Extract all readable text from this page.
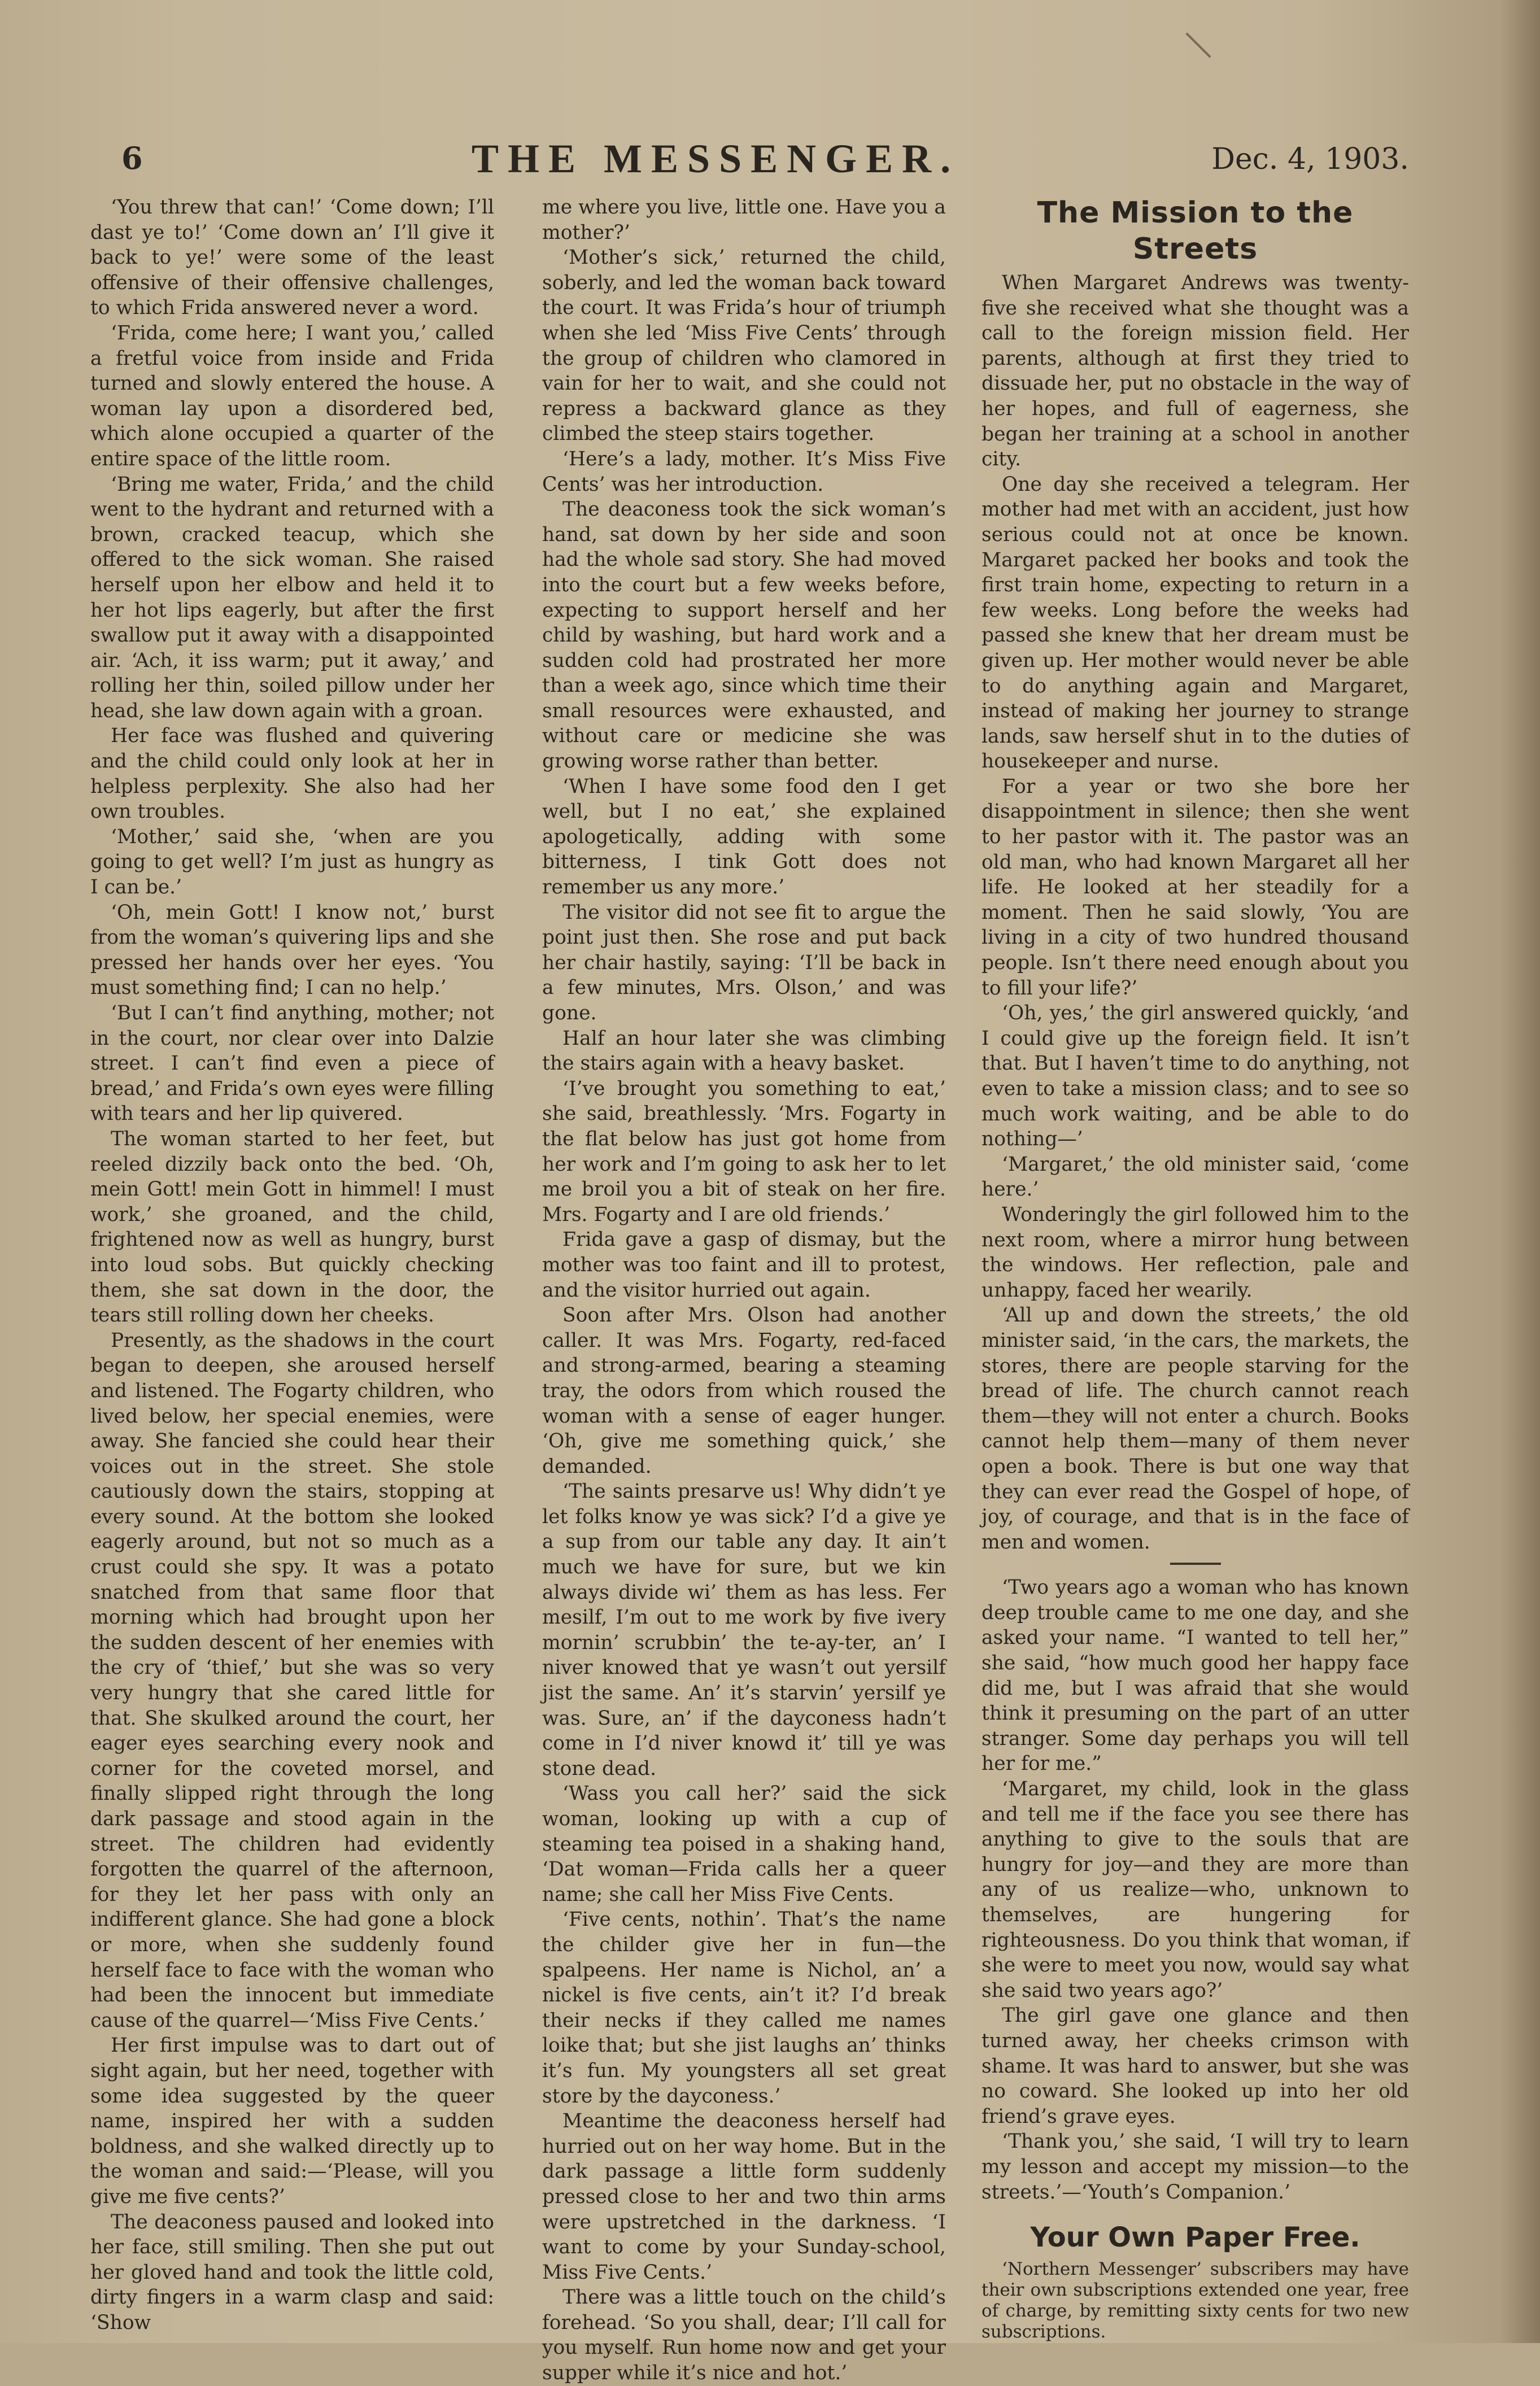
6	THE MESSENGER.	Dec. 4, 1903.

‘You threw that can!’ ‘Come down; I’ll dast ye to!’ ‘Come down an’ I’ll give it back to ye!’ were some of the least offensive of their offensive challenges, to which Frida answered never a word.

‘Frida, come here; I want you,’ called a fretful voice from inside and Frida turned and slowly entered the house. A woman lay upon a disordered bed, which alone occupied a quarter of the entire space of the little room.

‘Bring me water, Frida,’ and the child went to the hydrant and returned with a brown, cracked teacup, which she offered to the sick woman. She raised herself upon her elbow and held it to her hot lips eagerly, but after the first swallow put it away with a disappointed air. ‘Ach, it iss warm; put it away,’ and rolling her thin, soiled pillow under her head, she law down again with a groan.

Her face was flushed and quivering and the child could only look at her in helpless perplexity. She also had her own troubles.

‘Mother,’ said she, ‘when are you going to get well? I’m just as hungry as I can be.’

‘Oh, mein Gott! I know not,’ burst from the woman’s quivering lips and she pressed her hands over her eyes. ‘You must something find; I can no help.’

‘But I can’t find anything, mother; not in the court, nor clear over into Dalzie street. I can’t find even a piece of bread,’ and Frida’s own eyes were filling with tears and her lip quivered.

The woman started to her feet, but reeled dizzily back onto the bed. ‘Oh, mein Gott! mein Gott in himmel! I must work,’ she groaned, and the child, frightened now as well as hungry, burst into loud sobs. But quickly checking them, she sat down in the door, the tears still rolling down her cheeks.

Presently, as the shadows in the court began to deepen, she aroused herself and listened. The Fogarty children, who lived below, her special enemies, were away. She fancied she could hear their voices out in the street. She stole cautiously down the stairs, stopping at every sound. At the bottom she looked eagerly around, but not so much as a crust could she spy. It was a potato snatched from that same floor that morning which had brought upon her the sudden descent of her enemies with the cry of ‘thief,’ but she was so very very hungry that she cared little for that. She skulked around the court, her eager eyes searching every nook and corner for the coveted morsel, and finally slipped right through the long dark passage and stood again in the street. The children had evidently forgotten the quarrel of the afternoon, for they let her pass with only an indifferent glance. She had gone a block or more, when she suddenly found herself face to face with the woman who had been the innocent but immediate cause of the quarrel—‘Miss Five Cents.’

Her first impulse was to dart out of sight again, but her need, together with some idea suggested by the queer name, inspired her with a sudden boldness, and she walked directly up to the woman and said:—‘Please, will you give me five cents?’

The deaconess paused and looked into her face, still smiling. Then she put out her gloved hand and took the little cold, dirty fingers in a warm clasp and said: ‘Show

me where you live, little one. Have you a mother?’

‘Mother’s sick,’ returned the child, soberly, and led the woman back toward the court. It was Frida’s hour of triumph when she led ‘Miss Five Cents’ through the group of children who clamored in vain for her to wait, and she could not repress a backward glance as they climbed the steep stairs together.

‘Here’s a lady, mother. It’s Miss Five Cents’ was her introduction.

The deaconess took the sick woman’s hand, sat down by her side and soon had the whole sad story. She had moved into the court but a few weeks before, expecting to support herself and her child by washing, but hard work and a sudden cold had prostrated her more than a week ago, since which time their small resources were exhausted, and without care or medicine she was growing worse rather than better.

‘When I have some food den I get well, but I no eat,’ she explained apologetically, adding with some bitterness, I tink Gott does not remember us any more.’

The visitor did not see fit to argue the point just then. She rose and put back her chair hastily, saying: ‘I’ll be back in a few minutes, Mrs. Olson,’ and was gone.

Half an hour later she was climbing the stairs again with a heavy basket.

‘I’ve brought you something to eat,’ she said, breathlessly. ‘Mrs. Fogarty in the flat below has just got home from her work and I’m going to ask her to let me broil you a bit of steak on her fire. Mrs. Fogarty and I are old friends.’

Frida gave a gasp of dismay, but the mother was too faint and ill to protest, and the visitor hurried out again.

Soon after Mrs. Olson had another caller. It was Mrs. Fogarty, red-faced and strong-armed, bearing a steaming tray, the odors from which roused the woman with a sense of eager hunger. ‘Oh, give me something quick,’ she demanded.

‘The saints presarve us! Why didn’t ye let folks know ye was sick? I’d a give ye a sup from our table any day. It ain’t much we have for sure, but we kin always divide wi’ them as has less. Fer mesilf, I’m out to me work by five ivery mornin’ scrubbin’ the te-ay-ter, an’ I niver knowed that ye wasn’t out yersilf jist the same. An’ it’s starvin’ yersilf ye was. Sure, an’ if the dayconess hadn’t come in I’d niver knowd it’ till ye was stone dead.

‘Wass you call her?’ said the sick woman, looking up with a cup of steaming tea poised in a shaking hand, ‘Dat woman—Frida calls her a queer name; she call her Miss Five Cents.

‘Five cents, nothin’. That’s the name the childer give her in fun—the spalpeens. Her name is Nichol, an’ a nickel is five cents, ain’t it? I’d break their necks if they called me names loike that; but she jist laughs an’ thinks it’s fun. My youngsters all set great store by the dayconess.’

Meantime the deaconess herself had hurried out on her way home. But in the dark passage a little form suddenly pressed close to her and two thin arms were upstretched in the darkness. ‘I want to come by your Sunday-school, Miss Five Cents.’

There was a little touch on the child’s forehead. ‘So you shall, dear; I’ll call for you myself. Run home now and get your supper while it’s nice and hot.’

The Mission to the Streets

When Margaret Andrews was twenty-five she received what she thought was a call to the foreign mission field. Her parents, although at first they tried to dissuade her, put no obstacle in the way of her hopes, and full of eagerness, she began her training at a school in another city.

One day she received a telegram. Her mother had met with an accident, just how serious could not at once be known. Margaret packed her books and took the first train home, expecting to return in a few weeks. Long before the weeks had passed she knew that her dream must be given up. Her mother would never be able to do anything again and Margaret, instead of making her journey to strange lands, saw herself shut in to the duties of housekeeper and nurse.

For a year or two she bore her disappointment in silence; then she went to her pastor with it. The pastor was an old man, who had known Margaret all her life. He looked at her steadily for a moment. Then he said slowly, ‘You are living in a city of two hundred thousand people. Isn’t there need enough about you to fill your life?’

‘Oh, yes,’ the girl answered quickly, ‘and I could give up the foreign field. It isn’t that. But I haven’t time to do anything, not even to take a mission class; and to see so much work waiting, and be able to do nothing—’

‘Margaret,’ the old minister said, ‘come here.’

Wonderingly the girl followed him to the next room, where a mirror hung between the windows. Her reflection, pale and unhappy, faced her wearily.

‘All up and down the streets,’ the old minister said, ‘in the cars, the markets, the stores, there are people starving for the bread of life. The church cannot reach them—they will not enter a church. Books cannot help them—many of them never open a book. There is but one way that they can ever read the Gospel of hope, of joy, of courage, and that is in the face of men and women.

‘Two years ago a woman who has known deep trouble came to me one day, and she asked your name. “I wanted to tell her,” she said, “how much good her happy face did me, but I was afraid that she would think it presuming on the part of an utter stranger. Some day perhaps you will tell her for me.”

‘Margaret, my child, look in the glass and tell me if the face you see there has anything to give to the souls that are hungry for joy—and they are more than any of us realize—who, unknown to themselves, are hungering for righteousness. Do you think that woman, if she were to meet you now, would say what she said two years ago?’

The girl gave one glance and then turned away, her cheeks crimson with shame. It was hard to answer, but she was no coward. She looked up into her old friend’s grave eyes.

‘Thank you,’ she said, ‘I will try to learn my lesson and accept my mission—to the streets.’—‘Youth’s Companion.’

Your Own Paper Free.

‘Northern Messenger’ subscribers may have their own subscriptions extended one year, free of charge, by remitting sixty cents for two new subscriptions.
